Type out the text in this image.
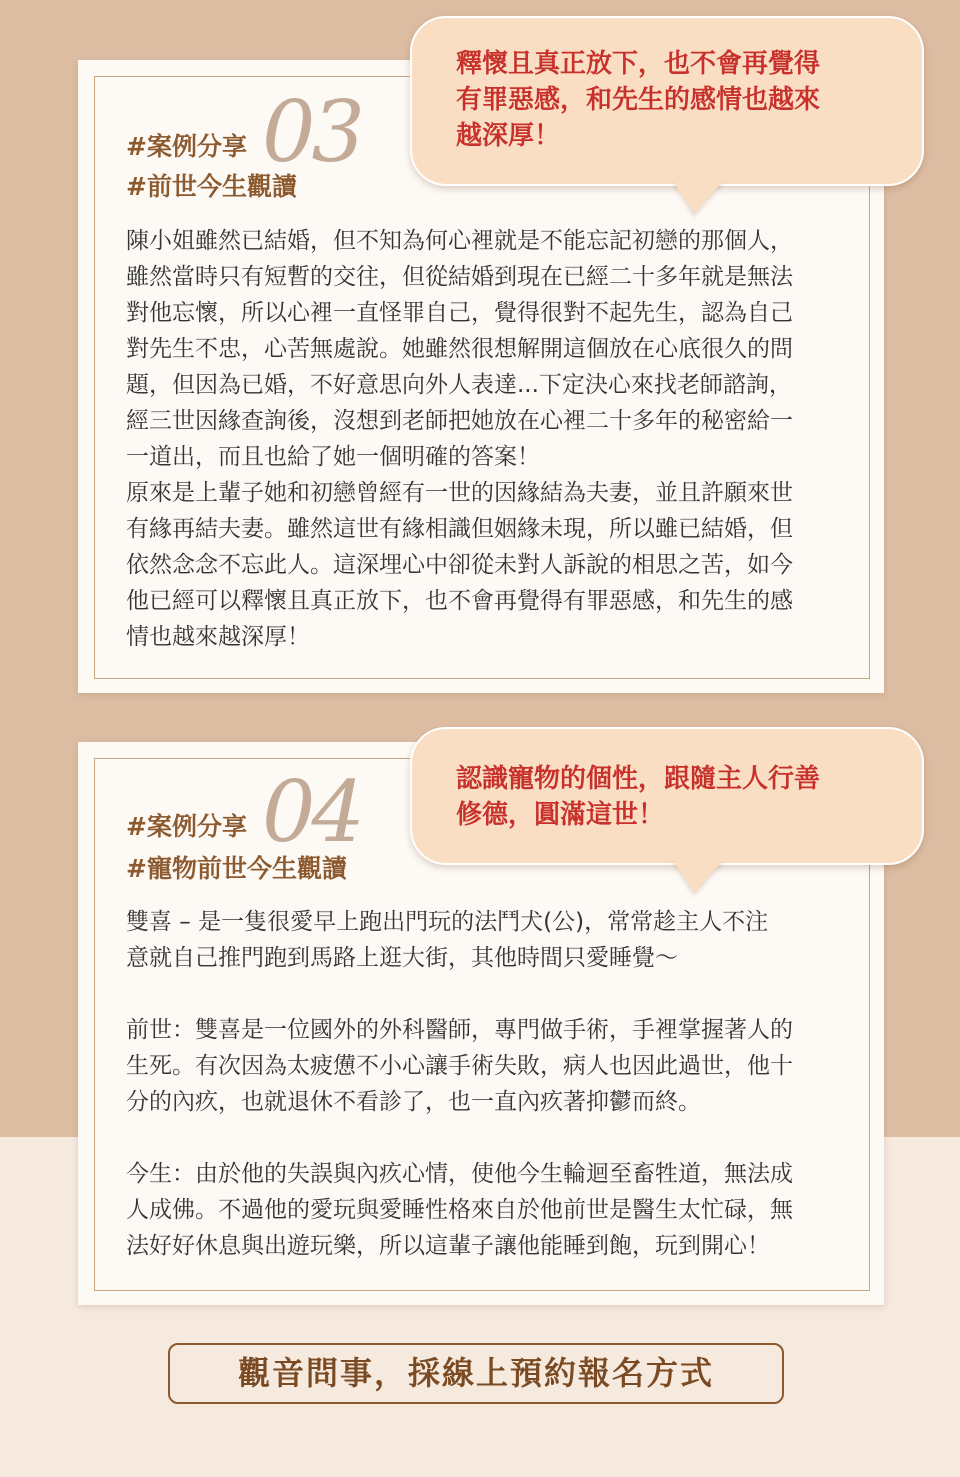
#案例分享 03
#前世今生觀讀

陳小姐雖然已結婚，但不知為何心裡就是不能忘記初戀的那個人，

雖然當時只有短暫的交往，但從結婚到現在已經二十多年就是無法

對他忘懷，所以心裡一直怪罪自己，覺得很對不起先生，認為自己

對先生不忠，心苦無處說。她雖然很想解開這個放在心底很久的問

題，但因為已婚，不好意思向外人表達...下定決心來找老師諮詢，

經三世因緣查詢後，沒想到老師把她放在心裡二十多年的秘密給一

一道出，而且也給了她一個明確的答案！

原來是上輩子她和初戀曾經有一世的因緣結為夫妻，並且許願來世

有緣再結夫妻。雖然這世有緣相識但姻緣未現，所以雖已結婚，但

依然念念不忘此人。這深埋心中卻從未對人訴說的相思之苦，如今

他已經可以釋懷且真正放下，也不會再覺得有罪惡感，和先生的感

情也越來越深厚！

釋懷且真正放下，也不會再覺得

有罪惡感，和先生的感情也越來

越深厚！

#案例分享 04
#寵物前世今生觀讀

雙喜 – 是一隻很愛早上跑出門玩的法鬥犬(公)，常常趁主人不注

意就自己推門跑到馬路上逛大街，其他時間只愛睡覺～

前世：雙喜是一位國外的外科醫師，專門做手術，手裡掌握著人的

生死。有次因為太疲憊不小心讓手術失敗，病人也因此過世，他十

分的內疚，也就退休不看診了，也一直內疚著抑鬱而終。

今生：由於他的失誤與內疚心情，使他今生輪迴至畜牲道，無法成

人成佛。不過他的愛玩與愛睡性格來自於他前世是醫生太忙碌，無

法好好休息與出遊玩樂，所以這輩子讓他能睡到飽，玩到開心！

認識寵物的個性，跟隨主人行善

修德，圓滿這世！

觀音問事，採線上預約報名方式
